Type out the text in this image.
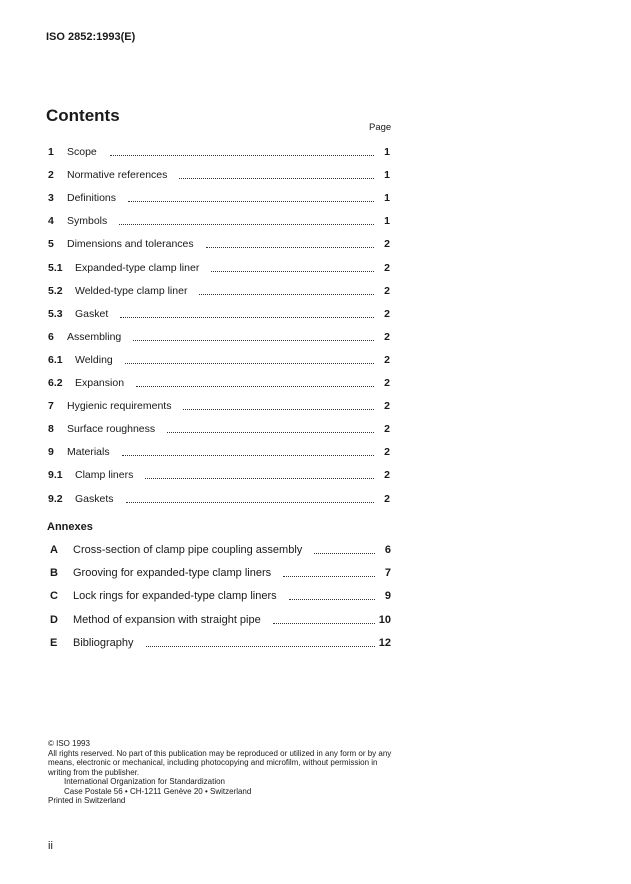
ISO 2852:1993(E)
Contents
Page
1 Scope	1
2 Normative references	1
3 Definitions	1
4 Symbols	1
5 Dimensions and tolerances	2
5.1 Expanded-type clamp liner	2
5.2 Welded-type clamp liner	2
5.3 Gasket	2
6 Assembling	2
6.1 Welding	2
6.2 Expansion	2
7 Hygienic requirements	2
8 Surface roughness	2
9 Materials	2
9.1 Clamp liners	2
9.2 Gaskets	2
Annexes
A Cross-section of clamp pipe coupling assembly	6
B Grooving for expanded-type clamp liners	7
C Lock rings for expanded-type clamp liners	9
D Method of expansion with straight pipe	10
E Bibliography	12
© ISO 1993
All rights reserved. No part of this publication may be reproduced or utilized in any form or by any means, electronic or mechanical, including photocopying and microfilm, without permission in writing from the publisher.
International Organization for Standardization
Case Postale 56 • CH-1211 Genève 20 • Switzerland
Printed in Switzerland
ii
